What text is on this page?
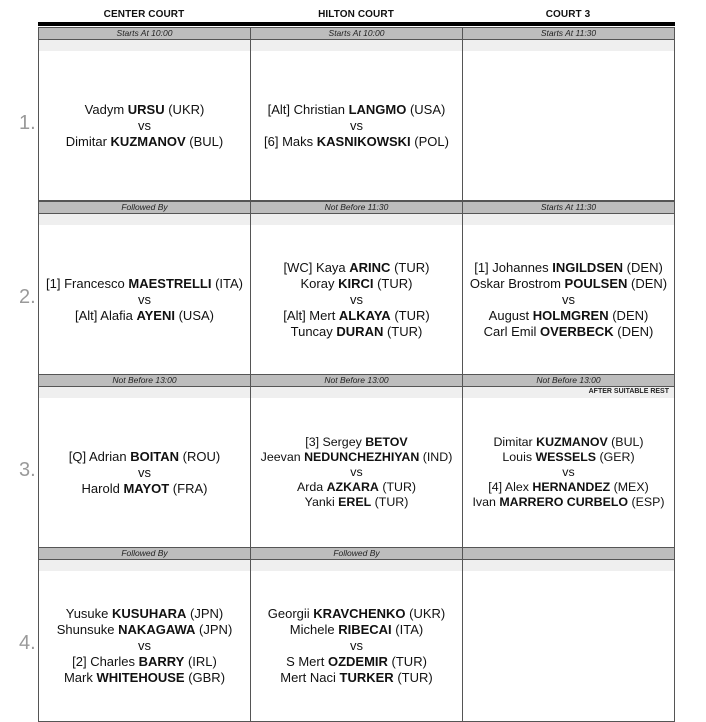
CENTER COURT	HILTON COURT	COURT 3
1.
Starts At 10:00
Vadym URSU (UKR)
vs
Dimitar KUZMANOV (BUL)
Starts At 10:00
[Alt] Christian LANGMO (USA)
vs
[6] Maks KASNIKOWSKI (POL)
Starts At 11:30
2.
Followed By
[1] Francesco MAESTRELLI (ITA)
vs
[Alt] Alafia AYENI (USA)
Not Before 11:30
[WC] Kaya ARINC (TUR)
Koray KIRCI (TUR)
vs
[Alt] Mert ALKAYA (TUR)
Tuncay DURAN (TUR)
Starts At 11:30
[1] Johannes INGILDSEN (DEN)
Oskar Brostrom POULSEN (DEN)
vs
August HOLMGREN (DEN)
Carl Emil OVERBECK (DEN)
3.
Not Before 13:00
[Q] Adrian BOITAN (ROU)
vs
Harold MAYOT (FRA)
Not Before 13:00
[3] Sergey BETOV
Jeevan NEDUNCHEZHIYAN (IND)
vs
Arda AZKARA (TUR)
Yanki EREL (TUR)
Not Before 13:00
AFTER SUITABLE REST
Dimitar KUZMANOV (BUL)
Louis WESSELS (GER)
vs
[4] Alex HERNANDEZ (MEX)
Ivan MARRERO CURBELO (ESP)
4.
Followed By
Yusuke KUSUHARA (JPN)
Shunsuke NAKAGAWA (JPN)
vs
[2] Charles BARRY (IRL)
Mark WHITEHOUSE (GBR)
Followed By
Georgii KRAVCHENKO (UKR)
Michele RIBECAI (ITA)
vs
S Mert OZDEMIR (TUR)
Mert Naci TURKER (TUR)
